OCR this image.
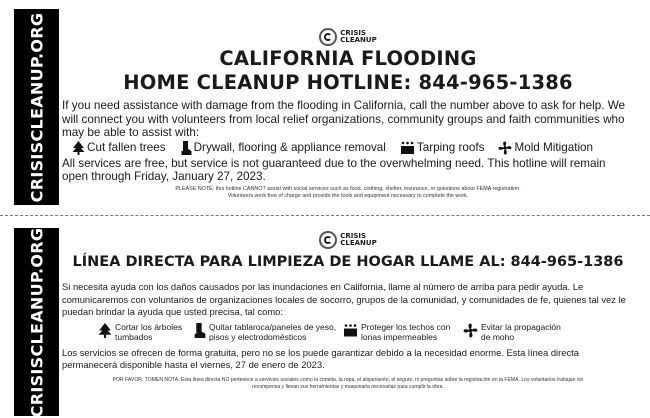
CRISISCLEANUP.ORG	CRISIS
CLEANUP
CALIFORNIA FLOODING
HOME CLEANUP HOTLINE: 844-965-1386

If you need assistance with damage from the flooding in California, call the number above to ask for help. We will connect you with volunteers from local relief organizations, community groups and faith communities who may be able to assist with:

Cut fallen trees Drywall, flooring & appliance removal	Tarping roofs	Mold Mitigation

All services are free, but service is not guaranteed due to the overwhelming need. This hotline will remain open through Friday, January 27, 2023.

PLEASE NOTE: this hotline CANNOT assist with social services such as food, clothing, shelter, insurance, or questions about FEMA registration.
Volunteers work free of charge and provide the tools and equipment necessary to complete the work.
CRISISCLEANUP.ORG	CRISIS
CLEANUP
LÍNEA DIRECTA PARA LIMPIEZA DE HOGAR LLAME AL: 844-965-1386

Si necesita ayuda con los daños causados por las inundaciones en California, llame al número de arriba para pedir ayuda. Le comunicaremos con voluntarios de organizaciones locales de socorro, grupos de la comunidad, y comunidades de fe, quienes tal vez le puedan brindar la ayuda que usted precisa, tal como:

Cortar los árboles
tumbados
Quitar tablaroca/paneles de yeso,
pisos y electrodomésticos
Proteger los techos con
lonas impermeables
Evitar la propagación
de moho

Los servicios se ofrecen de forma gratuita, pero no se los puede garantizar debido a la necesidad enorme. Esta línea directa permanecerá disponible hasta el viernes, 27 de enero de 2023.

POR FAVOR, TOMEN NOTA: Esta línea directa NO pertenece a servicios sociales como la comida, la ropa, el alojamiento, el seguro, ni preguntas sobre la registración en la FEMA. Los voluntarios trabajan sin
recompensa y llevan sus herramientas y maquinaria necesarias para cumplir la obra.
